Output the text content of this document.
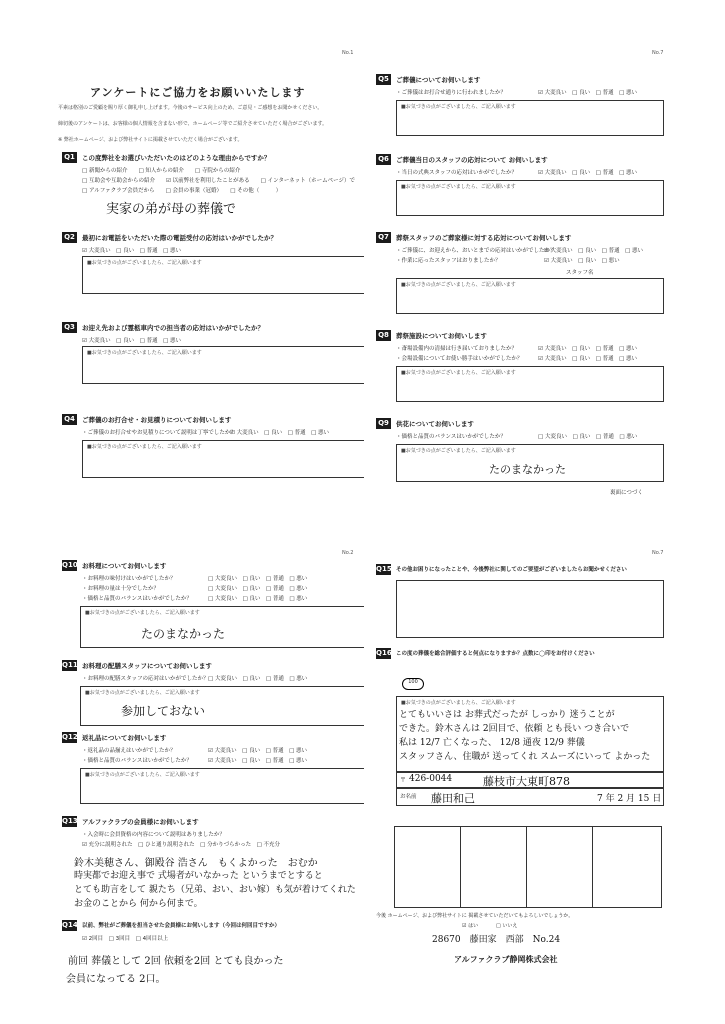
No.1
アンケートにご協力をお願いいたします
平素は格別のご愛顧を賜り厚く御礼申し上げます。今後のサービス向上のため、ご意見・ご感想をお聞かせください。
締切後のアンケートは、お客様の個人情報を含まない形で、ホームページ等でご紹介させていただく場合がございます。
※ 弊社ホームページ、および弊社サイトに掲載させていただく場合がございます。
Q1	この度弊社をお選びいただいたのはどのような理由からですか？
□ 新聞からの紹介　　□ 知人からの紹介　　□ 寺院からの紹介
□ 互助会や互助会からの紹介　　☑ 以前弊社を利用したことがある　　□ インターネット（ホームページ）で
□ アルファクラブ会員だから　　□ 会員の事業（冠婚）　　□ その他（　　　）
実家の弟が母の葬儀で
Q2	最初にお電話をいただいた際の電話受付の応対はいかがでしたか？
☑ 大変良い　□ 良い　□ 普通　□ 悪い
■お気づきの点がございましたら、ご記入願います
Q3	お迎え先および霊柩車内での担当者の応対はいかがでしたか？
☑ 大変良い　□ 良い　□ 普通　□ 悪い
■お気づきの点がございましたら、ご記入願います
Q4	ご葬儀のお打合せ・お見積りについてお伺いします
・ご葬儀のお打合せやお見積りについて説明は丁寧でしたか？
☑ 大変良い　□ 良い　□ 普通　□ 悪い
■お気づきの点がございましたら、ご記入願います
No.7
Q5	ご葬儀についてお伺いします
・ご葬儀はお打合せ通りに行われましたか？	☑ 大変良い　□ 良い　□ 普通　□ 悪い
■お気づきの点がございましたら、ご記入願います
Q6	ご葬儀当日のスタッフの応対について お伺いします
・当日の式典スタッフの応対はいかがでしたか？	☑ 大変良い　□ 良い　□ 普通　□ 悪い
■お気づきの点がございましたら、ご記入願います
Q7	葬祭スタッフのご葬家様に対する応対についてお伺いします
・ご葬儀に、お迎えから、おいとまでの応対はいかがでしたか？
☑ 大変良い　□ 良い　□ 普通　□ 悪い
・作業に応ったスタッフはおりましたか？	☑ 大変良い　□ 良い　□ 悪い
スタッフ名
■お気づきの点がございましたら、ご記入願います
Q8	葬祭施設についてお伺いします
・斎場設備内の清掃は行き届いておりましたか？	☑ 大変良い　□ 良い　□ 普通　□ 悪い
・会場設備についてお使い勝手はいかがでしたか？	☑ 大変良い　□ 良い　□ 普通　□ 悪い
■お気づきの点がございましたら、ご記入願います
Q9	供花についてお伺いします
・価格と品質のバランスはいかがでしたか？	□ 大変良い　□ 良い　□ 普通　□ 悪い
■お気づきの点がございましたら、ご記入願います
たのまなかった
裏面につづく
No.2
Q10 お料理についてお伺いします
・お料理の味付けはいかがでしたか？	□ 大変良い　□ 良い　□ 普通　□ 悪い
・お料理の量は十分でしたか？	□ 大変良い　□ 良い　□ 普通　□ 悪い
・価格と品質のバランスはいかがでしたか？	□ 大変良い　□ 良い　□ 普通　□ 悪い
■お気づきの点がございましたら、ご記入願います
たのまなかった
Q11 お料理の配膳スタッフについてお伺いします
・お料理の配膳スタッフの応対はいかがでしたか？ □ 大変良い　□ 良い　□ 普通　□ 悪い
■お気づきの点がございましたら、ご記入願います
参加しておない
Q12 返礼品についてお伺いします
・返礼品の品揃えはいかがでしたか？	☑ 大変良い　□ 良い　□ 普通　□ 悪い
・価格と品質のバランスはいかがでしたか？	☑ 大変良い　□ 良い　□ 普通　□ 悪い
■お気づきの点がございましたら、ご記入願います
Q13 アルファクラブの会員様にお伺いします
・入会時に会員資格の内容について説明はありましたか？
☑ 充分に説明された　□ ひと通り説明された　□ 分かりづらかった　□ 不充分
鈴木美穂さん、御殿谷 浩さん　もくよかった　おむか
時実都でお迎え事で 式場者がいなかった というまでとすると
とても助言をして 親たち（兄弟、おい、おい嫁）も気が着けてくれた
お金のことから 何から何まで。
Q14 以前、弊社がご葬儀を担当させた会員様にお伺いします（今回は何回目ですか）
☑ 2回目　□ 3回目　□ 4回目以上
前回 葬儀として 2回 依頼を2回 とても良かった
会員になってる 2口。
No.7
Q15 その他お困りになったことや、今後弊社に関してのご要望がございましたらお聞かせください
Q16 この度の葬儀を総合評価すると何点になりますか？点数に◯印をお付けください
100
■お気づきの点がございましたら、ご記入願います
とてもいいさは お葬式だったが しっかり 迷うことが
できた。鈴木さんは 2回目で、依頼 とも長い つき合いで
私は 12/7 亡くなった、 12/8 通夜 12/9 葬儀
スタッフさん、住職が 送ってくれ スムーズにいって よかった
〒 426-0044	藤枝市大東町878
お名前 藤田和己	7 年 2 月 15 日
今後 ホームページ、および弊社サイトに 掲載させていただいてもよろしいでしょうか。
☑ はい	□ いいえ
28670　藤田家　西部　No.24
アルファクラブ静岡株式会社
